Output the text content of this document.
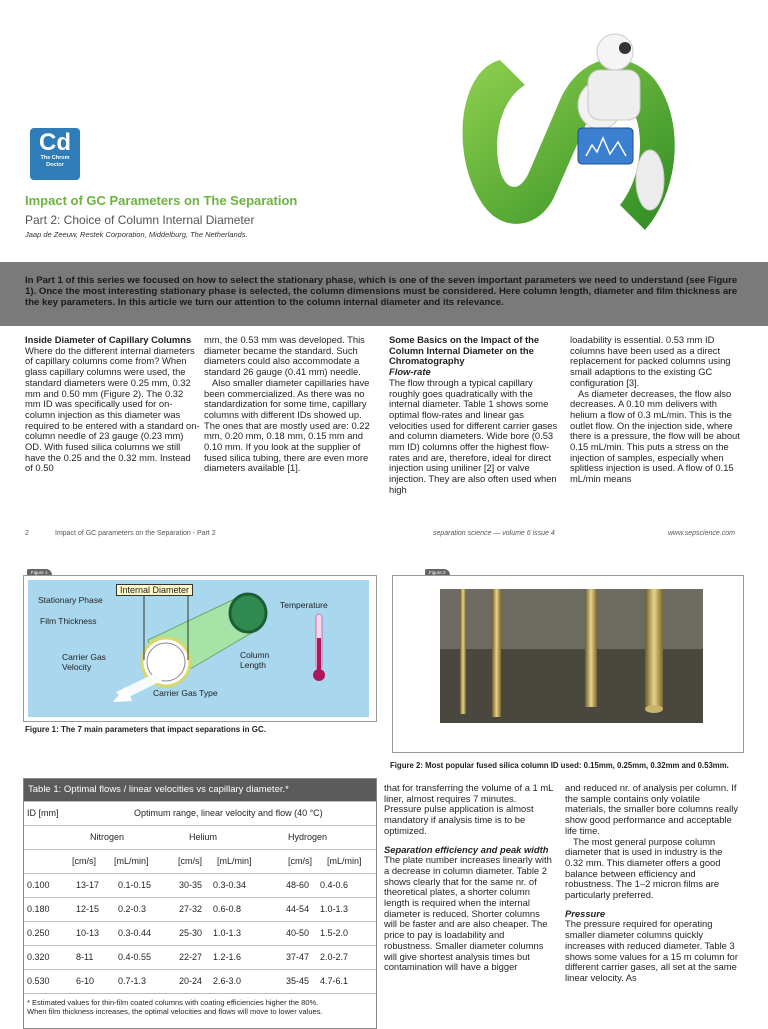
Cd
The Chrom
Doctor
Impact of GC Parameters on The Separation
Part 2: Choice of Column Internal Diameter
Jaap de Zeeuw, Restek Corporation, Middelburg, The Netherlands.
In Part 1 of this series we focused on how to select the stationary phase, which is one of the seven important parameters we need to understand (see Figure 1). Once the most interesting stationary phase is selected, the column dimensions must be considered. Here column length, diameter and film thickness are the key parameters. In this article we turn our attention to the column internal diameter and its relevance.

Inside Diameter of Capillary Columns

Where do the different internal diameters of capillary columns come from? When glass capillary columns were used, the standard diameters were 0.25 mm, 0.32 mm and 0.50 mm (Figure 2). The 0.32 mm ID was specifically used for on-column injection as this diameter was required to be entered with a standard on-column needle of 23 gauge (0.23 mm) OD. With fused silica columns we still have the 0.25 and the 0.32 mm. Instead of 0.50

mm, the 0.53 mm was developed. This diameter became the standard. Such diameters could also accommodate a standard 26 gauge (0.41 mm) needle.

Also smaller diameter capillaries have been commercialized. As there was no standardization for some time, capillary columns with different IDs showed up. The ones that are mostly used are: 0.22 mm, 0.20 mm, 0.18 mm, 0.15 mm and 0.10 mm. If you look at the supplier of fused silica tubing, there are even more diameters available [1].

Some Basics on the Impact of the Column Internal Diameter on the Chromatography

Flow-rate

The flow through a typical capillary roughly goes quadratically with the internal diameter. Table 1 shows some optimal flow-rates and linear gas velocities used for different carrier gases and column diameters. Wide bore (0.53 mm ID) columns offer the highest flow-rates and are, therefore, ideal for direct injection using uniliner [2] or valve injection. They are also often used when high

loadability is essential. 0.53 mm ID columns have been used as a direct replacement for packed columns using small adaptions to the existing GC configuration [3].

As diameter decreases, the flow also decreases. A 0.10 mm delivers with helium a flow of 0.3 mL/min. This is the outlet flow. On the injection side, where there is a pressure, the flow will be about 0.15 mL/min. This puts a stress on the injection of samples, especially when splitless injection is used. A flow of 0.15 mL/min means

2	Impact of GC parameters on the Separation - Part 2	separation science — volume 6 issue 4	www.sepscience.com
Figure 1
Internal Diameter
Stationary Phase
Film Thickness
Temperature
Carrier Gas
Velocity
Column
Length
Carrier Gas Type
Figure 1: The 7 main parameters that impact separations in GC.
Figure 2
Figure 2: Most popular fused silica column ID used: 0.15mm, 0.25mm, 0.32mm and 0.53mm.
Table 1: Optimal flows / linear velocities vs capillary diameter.*
ID [mm]	Optimum range, linear velocity and flow (40 °C)
Nitrogen	Helium	Hydrogen
[cm/s] [mL/min]	[cm/s] [mL/min]	[cm/s] [mL/min]
0.100	13-17 0.1-0.15	30-35 0.3-0.34	48-60 0.4-0.6
0.180	12-15 0.2-0.3	27-32 0.6-0.8	44-54 1.0-1.3
0.250	10-13 0.3-0.44	25-30 1.0-1.3	40-50 1.5-2.0
0.320	8-11	0.4-0.55	22-27 1.2-1.6	37-47 2.0-2.7
0.530	6-10	0.7-1.3	20-24 2.6-3.0	35-45 4.7-6.1
* Estimated values for thin-film coated columns with coating efficiencies higher the 80%.
When film thickness increases, the optimal velocities and flows will move to lower values.

that for transferring the volume of a 1 mL liner, almost requires 7 minutes. Pressure pulse application is almost mandatory if analysis time is to be optimized.

Separation efficiency and peak width

The plate number increases linearly with a decrease in column diameter. Table 2 shows clearly that for the same nr. of theoretical plates, a shorter column length is required when the internal diameter is reduced. Shorter columns will be faster and are also cheaper. The price to pay is loadability and robustness. Smaller diameter columns will give shortest analysis times but contamination will have a bigger

and reduced nr. of analysis per column. If the sample contains only volatile materials, the smaller bore columns really show good performance and acceptable life time.

The most general purpose column diameter that is used in industry is the 0.32 mm. This diameter offers a good balance between efficiency and robustness. The 1–2 micron films are particularly preferred.

Pressure

The pressure required for operating smaller diameter columns quickly increases with reduced diameter. Table 3 shows some values for a 15 m column for different carrier gases, all set at the same linear velocity. As
